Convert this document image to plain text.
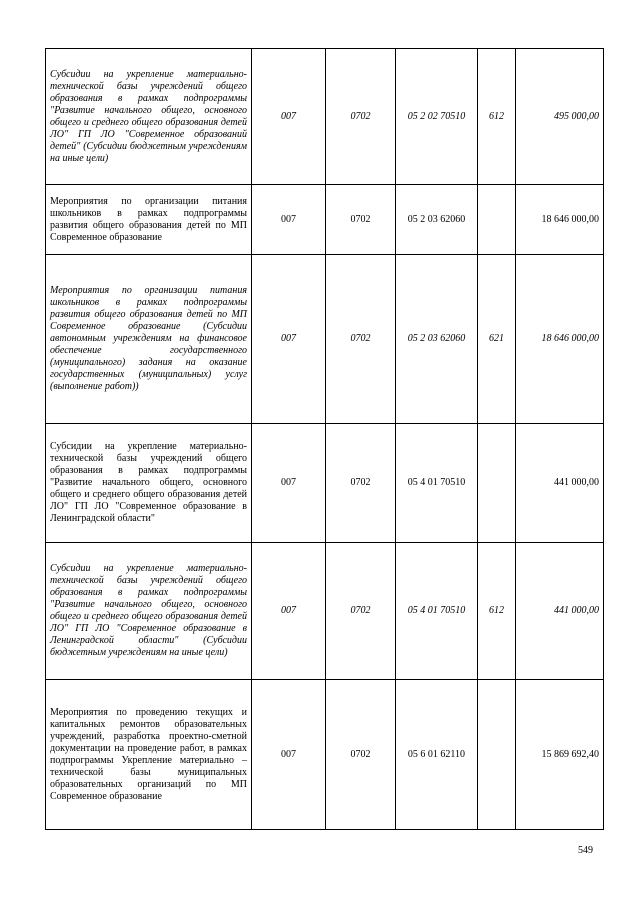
Субсидии на укрепление материально-технической базы учреждений общего образования в рамках подпрограммы "Развитие начального общего, основного общего и среднего общего образования детей ЛО" ГП ЛО "Современное образований детей" (Субсидии бюджетным учреждениям на иные цели)	007	0702	05 2 02 70510	612	495 000,00
Мероприятия по организации питания школьников в рамках подпрограммы развития общего образования детей по МП Современное образование	007	0702	05 2 03 62060		18 646 000,00
Мероприятия по организации питания школьников в рамках подпрограммы развития общего образования детей по МП Современное образование (Субсидии автономным учреждениям на финансовое обеспечение государственного (муниципального) задания на оказание государственных (муниципальных) услуг (выполнение работ))	007	0702	05 2 03 62060	621	18 646 000,00
Субсидии на укрепление материально-технической базы учреждений общего образования в рамках подпрограммы "Развитие начального общего, основного общего и среднего общего образования детей ЛО" ГП ЛО "Современное образование в Ленинградской области"	007	0702	05 4 01 70510		441 000,00
Субсидии на укрепление материально-технической базы учреждений общего образования в рамках подпрограммы "Развитие начального общего, основного общего и среднего общего образования детей ЛО" ГП ЛО "Современное образование в Ленинградской области" (Субсидии бюджетным учреждениям на иные цели)	007	0702	05 4 01 70510	612	441 000,00
Мероприятия по проведению текущих и капитальных ремонтов образовательных учреждений, разработка проектно-сметной документации на проведение работ, в рамках подпрограммы Укрепление материально – технической базы муниципальных образовательных организаций по МП Современное образование	007	0702	05 6 01 62110		15 869 692,40
549
